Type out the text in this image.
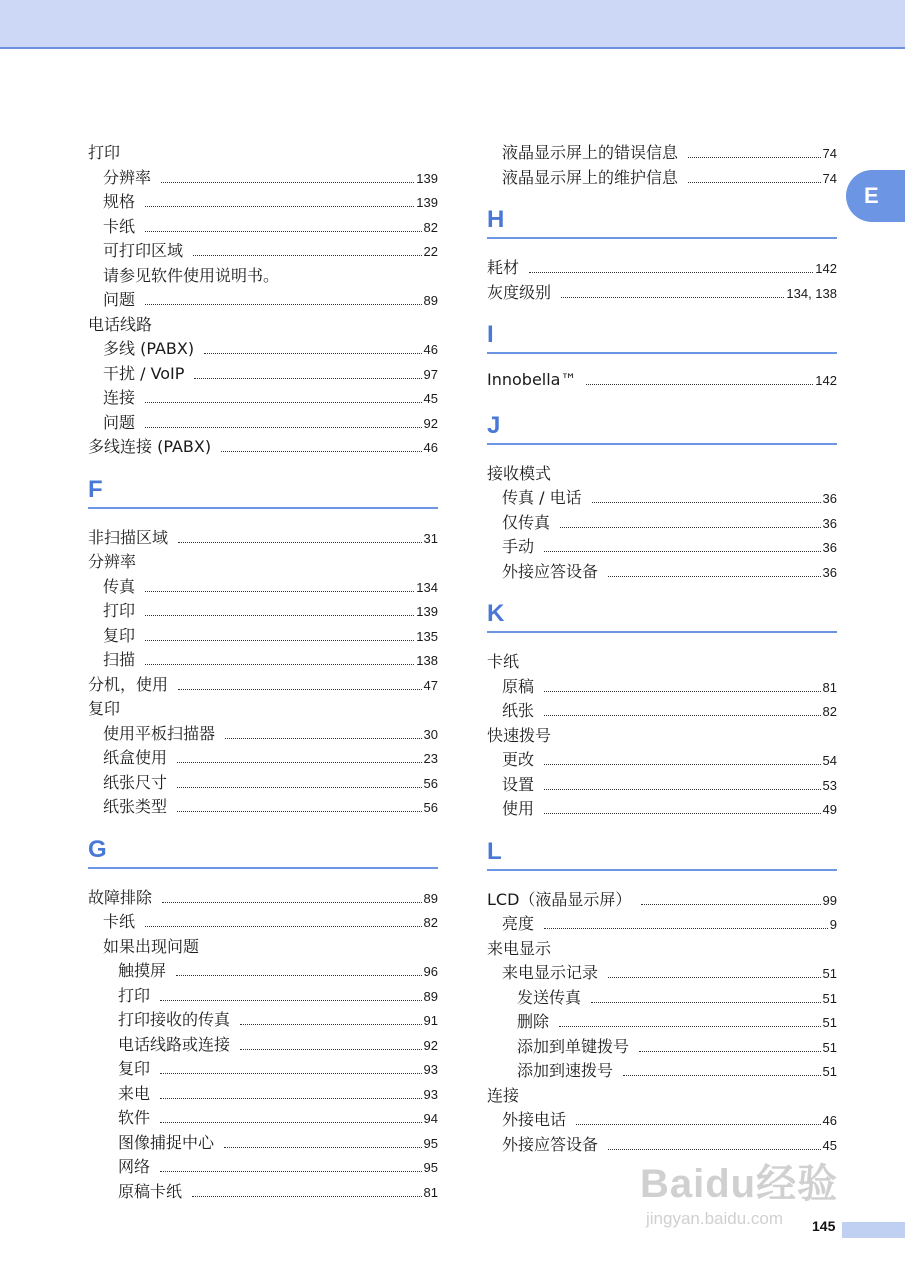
E
打印
分辨率	139
规格	139
卡纸	82
可打印区域	22
请参见软件使用说明书。
问题	89
电话线路
多线 (PABX)	46
干扰 / VoIP	97
连接	45
问题	92
多线连接 (PABX)	46
F
非扫描区域	31
分辨率
传真	134
打印	139
复印	135
扫描	138
分机，使用	47
复印
使用平板扫描器	30
纸盒使用	23
纸张尺寸	56
纸张类型	56
G
故障排除	89
卡纸	82
如果出现问题
触摸屏	96
打印	89
打印接收的传真	91
电话线路或连接	92
复印	93
来电	93
软件	94
图像捕捉中心	95
网络	95
原稿卡纸	81
液晶显示屏上的错误信息	74
液晶显示屏上的维护信息	74
H
耗材	142
灰度级别	134, 138
I
Innobella™	142
J
接收模式
传真 / 电话	36
仅传真	36
手动	36
外接应答设备	36
K
卡纸
原稿	81
纸张	82
快速拨号
更改	54
设置	53
使用	49
L
LCD（液晶显示屏）	99
亮度	9
来电显示
来电显示记录	51
发送传真	51
删除	51
添加到单键拨号	51
添加到速拨号	51
连接
外接电话	46
外接应答设备	45
Baidu经验
jingyan.baidu.com	145
